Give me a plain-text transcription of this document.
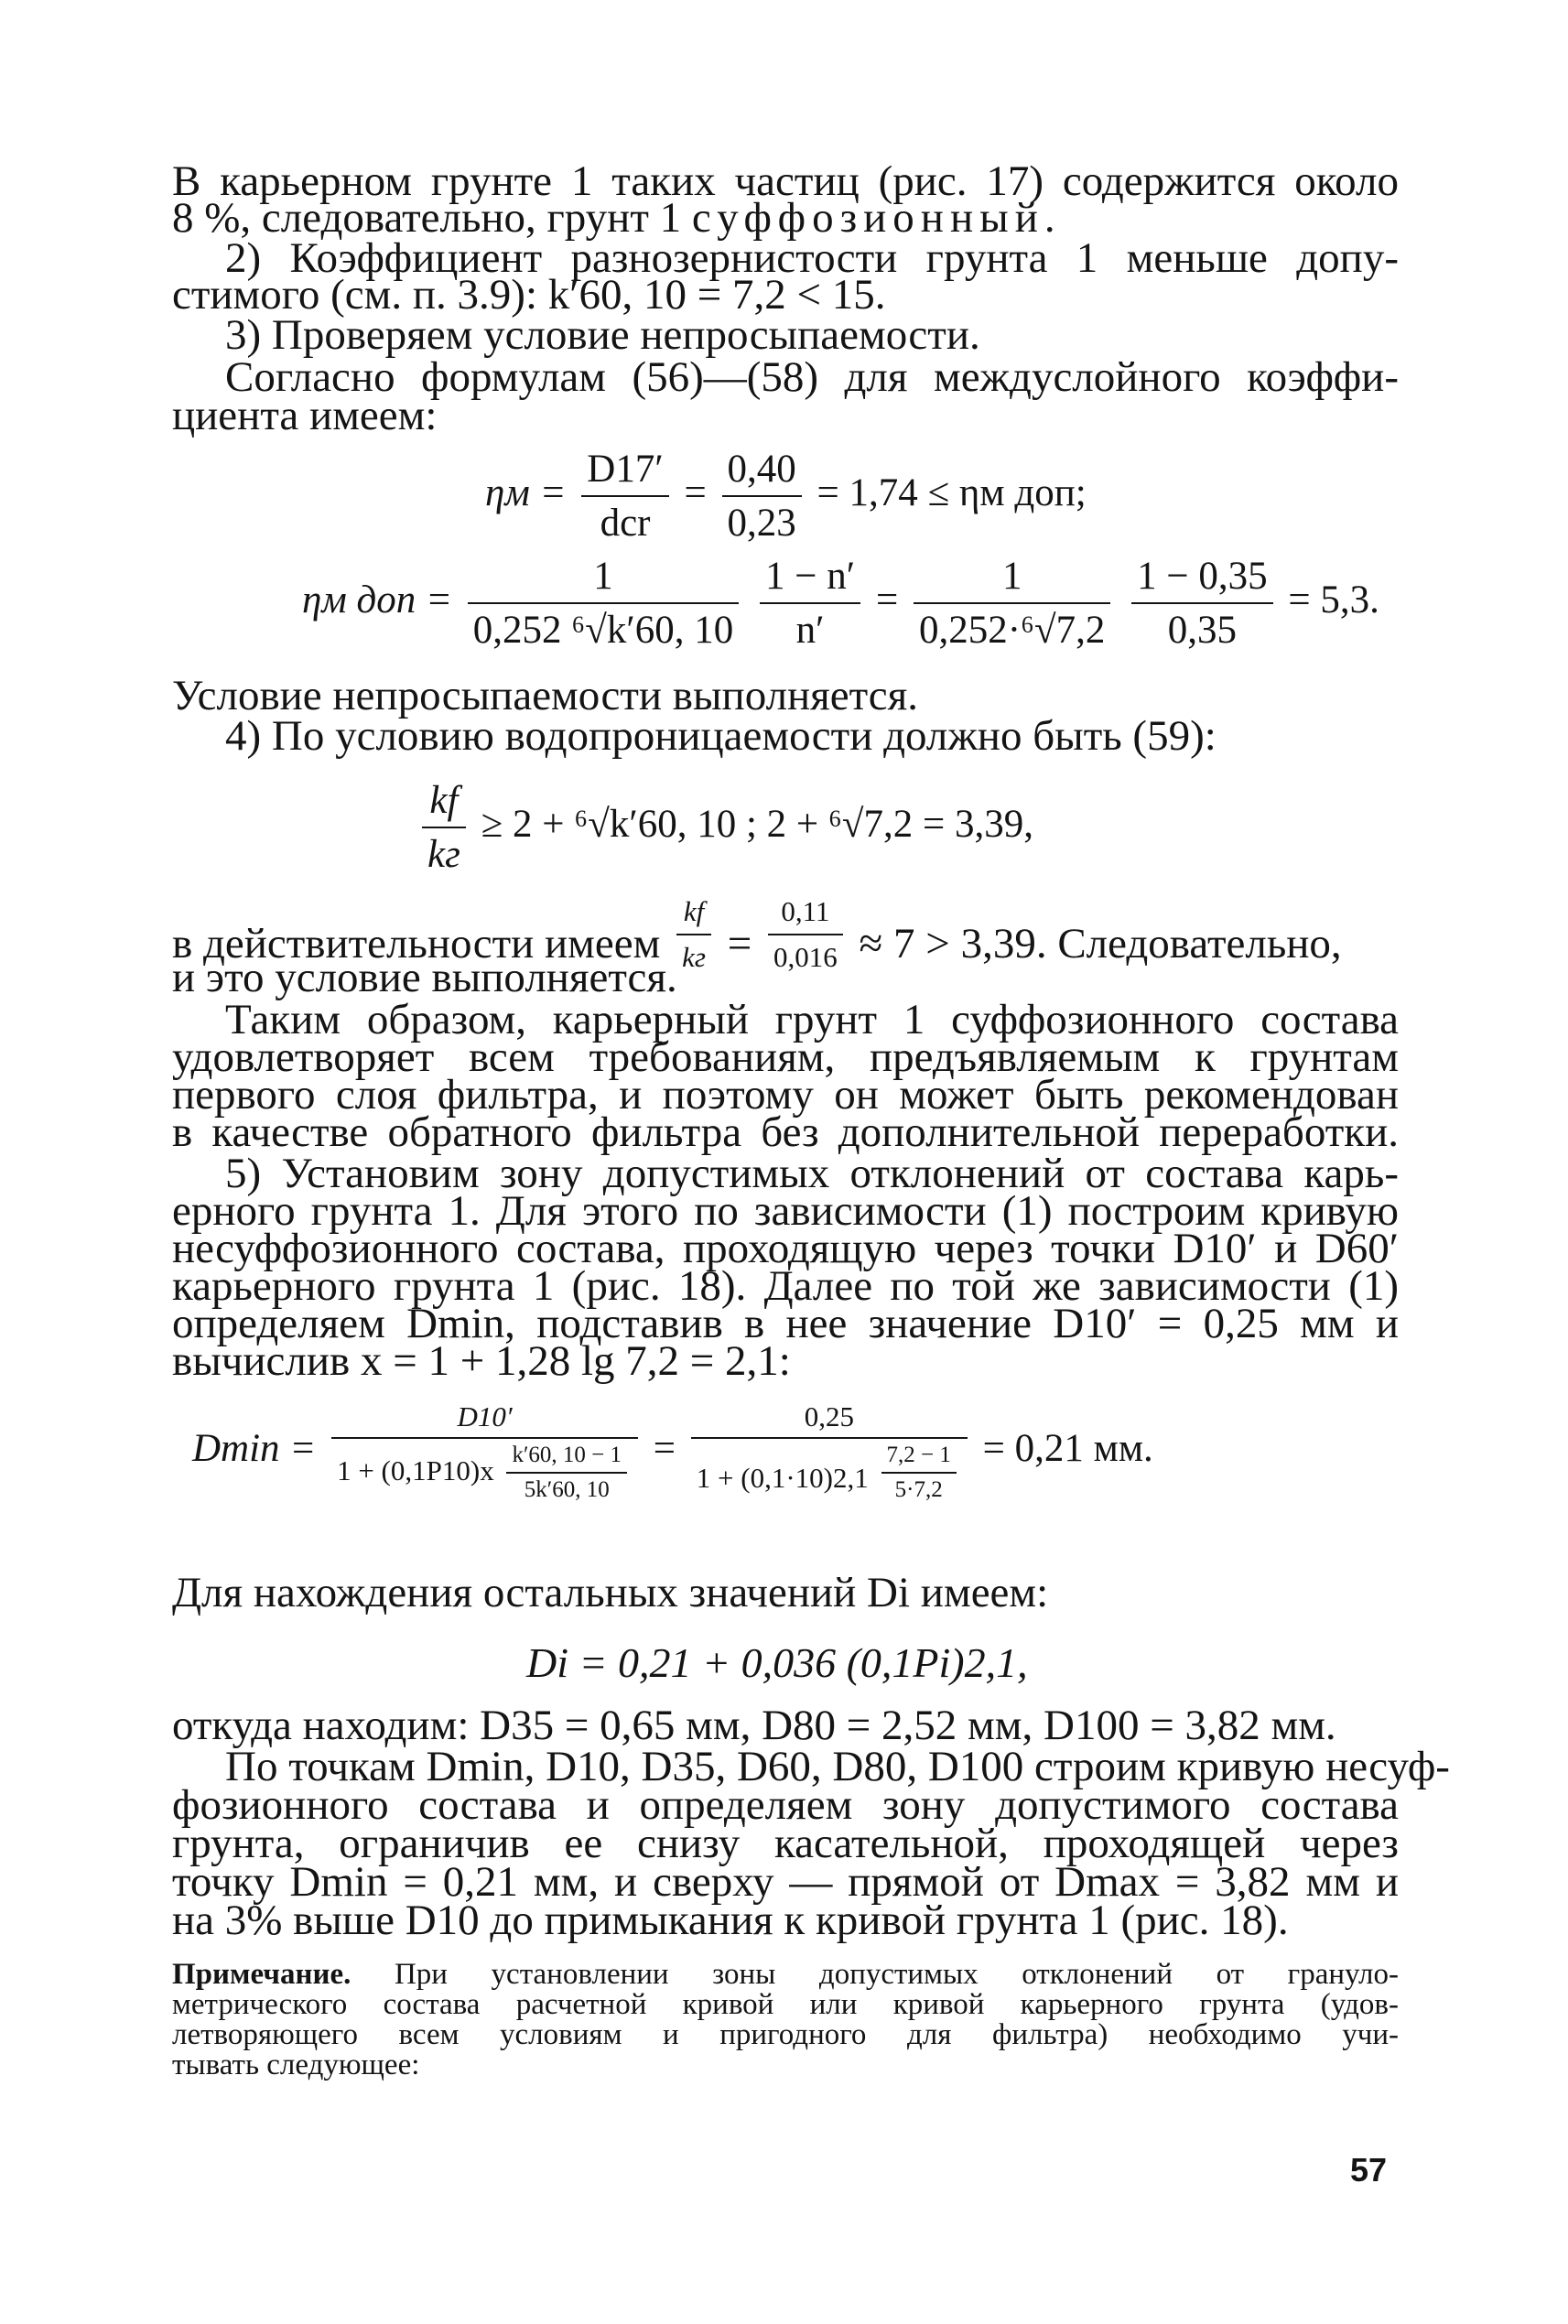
В карьерном грунте 1 таких частиц (рис. 17) содержится около
8 %, следовательно, грунт 1 суффозионный.
2) Коэффициент разнозернистости грунта 1 меньше допу-
стимого (см. п. 3.9): k′60, 10 = 7,2 < 15.
3) Проверяем условие непросыпаемости.
Согласно формулам (56)—(58) для междуслойного коэффи-
циента имеем:
ηм =
D17′
dcr
= $\frac{0,40}{0,23} = 1,74 \le \eta м$ доп;
ηм доп = $\frac{1}{\text{0,252 ⁶√k′60, 10}}$
$\frac{1 - n'}{n'} = \frac{1}{\text{0,252·⁶√7,2}}$
$\frac{1 - 0,35}{0,35} = 5,3$.
Условие непросыпаемости выполняется.
4) По условию водопроницаемости должно быть (59):
kf
kг
≥ 2 + ⁶√k′60, 10 ; 2 + ⁶√7,2 = 3,39,
в действительности имеем
kf
kг = $\frac{0,11}{0,016} \approx 7 > 3,39$. Следовательно,
и это условие выполняется.
Таким образом, карьерный грунт 1 суффозионного состава
удовлетворяет всем требованиям, предъявляемым к грунтам
первого слоя фильтра, и поэтому он может быть рекомендован
в качестве обратного фильтра без дополнительной переработки.
5) Установим зону допустимых отклонений от состава карь-
ерного грунта 1. Для этого по зависимости (1) построим кривую
несуффозионного состава, проходящую через точки D10′ и D60′
карьерного грунта 1 (рис. 18). Далее по той же зависимости (1)
определяем Dmin, подставив в нее значение D10′ = 0,25 мм и
вычислив x = 1 + 1,28 lg 7,2 = 2,1:
$Dmin = \frac{D10'}{1 + (0,1P10)x \frac{k'60, 10 - 1}{5k'60, 10}} = \frac{0,25}{1 + (0,1\cdot 10)2,1 \frac{7,2 - 1}{5\cdot 7,2}} = 0,21$ мм.
Для нахождения остальных значений Di имеем:
Di = 0,21 + 0,036 (0,1Pi)2,1,
откуда находим: D35 = 0,65 мм, D80 = 2,52 мм, D100 = 3,82 мм.
По точкам Dmin, D10, D35, D60, D80, D100 строим кривую несуф-
фозионного состава и определяем зону допустимого состава
грунта, ограничив ее снизу касательной, проходящей через
точку Dmin = 0,21 мм, и сверху — прямой от Dmax = 3,82 мм и
на 3% выше D10 до примыкания к кривой грунта 1 (рис. 18).
Примечание. При установлении зоны допустимых отклонений от грануло-
метрического состава расчетной кривой или кривой карьерного грунта (удов-
летворяющего всем условиям и пригодного для фильтра) необходимо учи-
тывать следующее:
57
